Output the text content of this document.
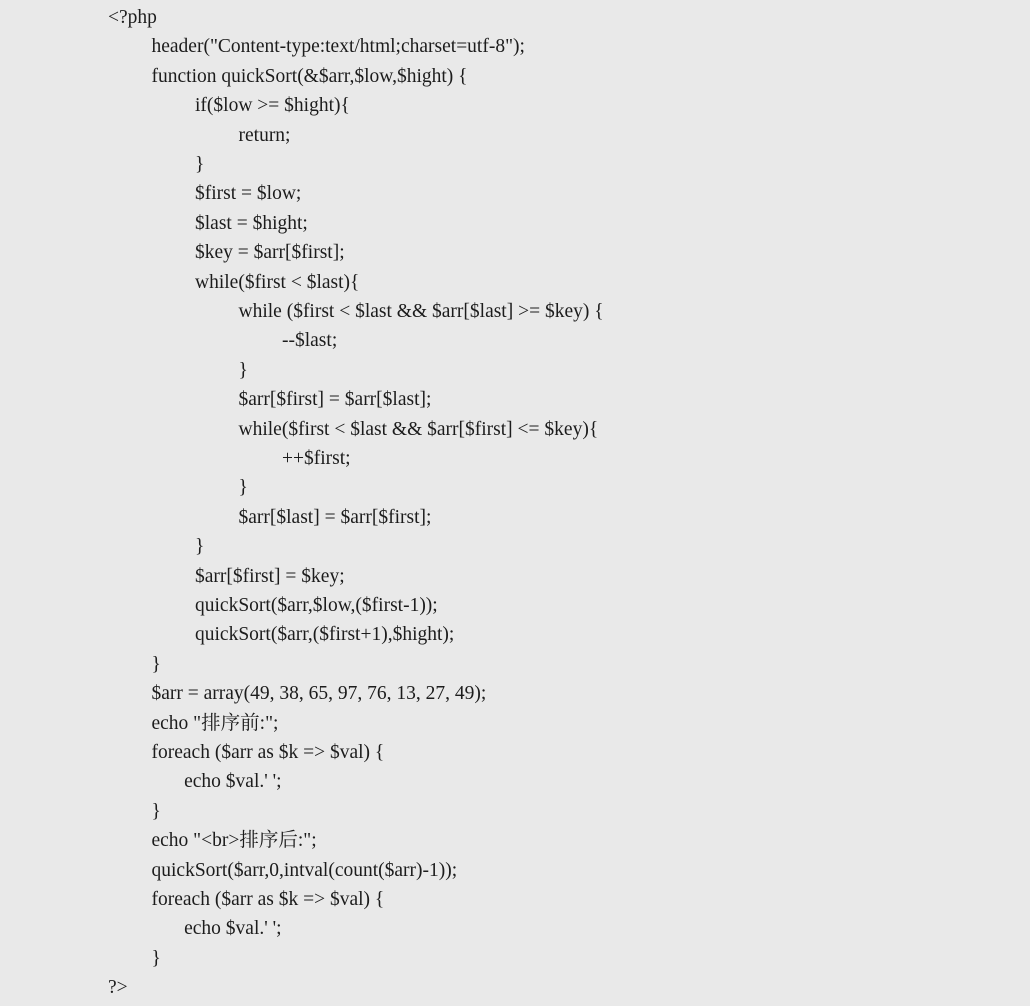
<?php
header("Content-type:text/html;charset=utf-8");
function quickSort(&$arr,$low,$hight) {
if($low >= $hight){
return;
}
$first = $low;
$last = $hight;
$key = $arr[$first];
while($first < $last){
while ($first < $last && $arr[$last] >= $key) {
--$last;
}
$arr[$first] = $arr[$last];
while($first < $last && $arr[$first] <= $key){
++$first;
}
$arr[$last] = $arr[$first];
}
$arr[$first] = $key;
quickSort($arr,$low,($first-1));
quickSort($arr,($first+1),$hight);
}
$arr = array(49, 38, 65, 97, 76, 13, 27, 49);
echo "排序前:";
foreach ($arr as $k => $val) {
echo $val.' ';
}
echo "<br>排序后:";
quickSort($arr,0,intval(count($arr)-1));
foreach ($arr as $k => $val) {
echo $val.' ';
}
?>
